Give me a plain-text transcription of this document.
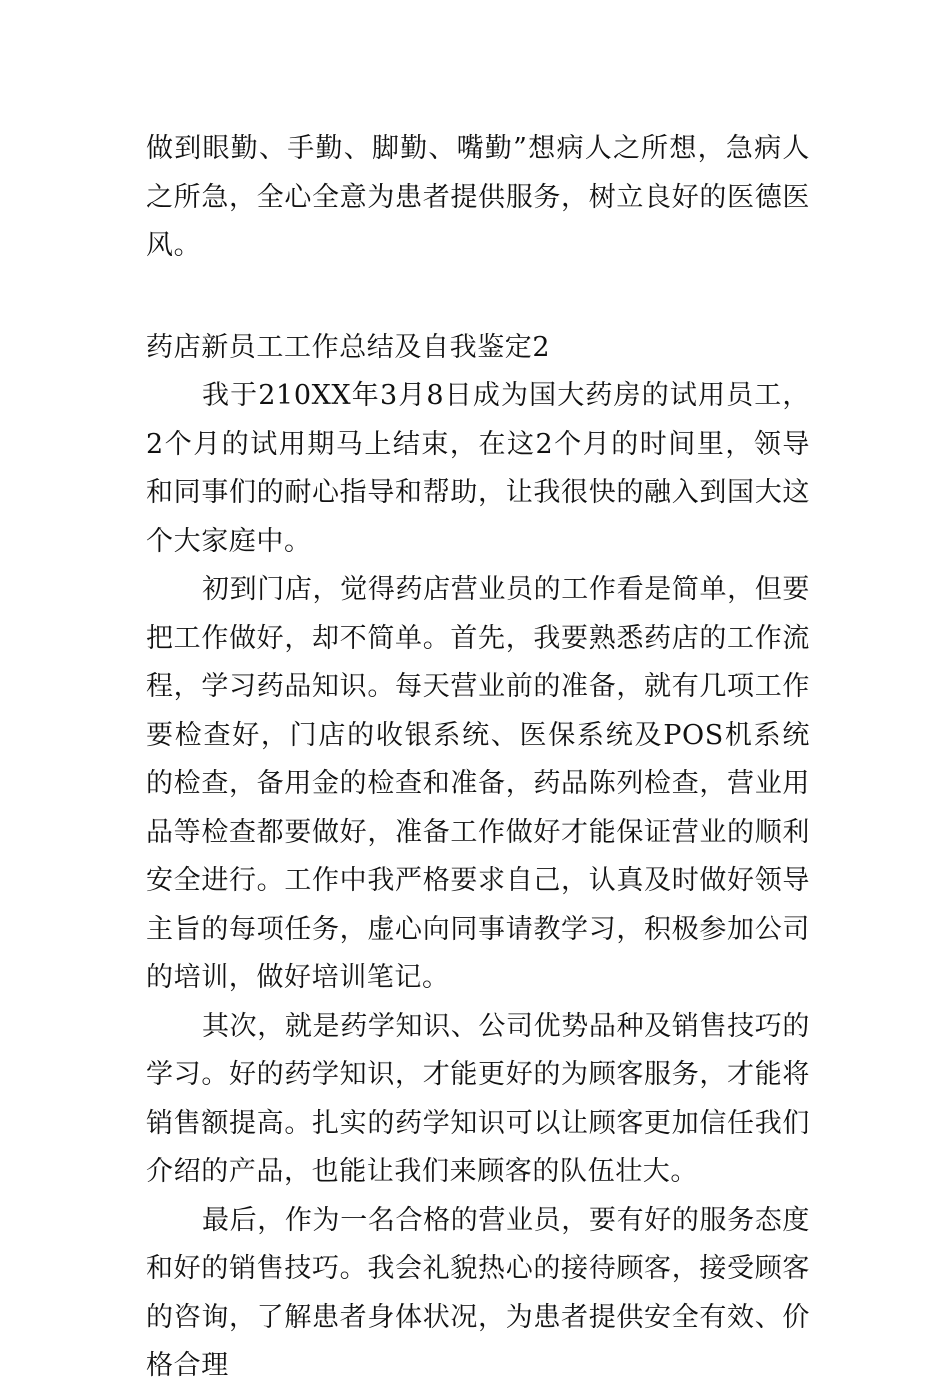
做到眼勤、手勤、脚勤、嘴勤”想病人之所想，急病人之所急，全心全意为患者提供服务，树立良好的医德医风。

药店新员工工作总结及自我鉴定2

我于210XX年3月8日成为国大药房的试用员工，2个月的试用期马上结束，在这2个月的时间里，领导和同事们的耐心指导和帮助，让我很快的融入到国大这个大家庭中。

初到门店，觉得药店营业员的工作看是简单，但要把工作做好，却不简单。首先，我要熟悉药店的工作流程，学习药品知识。每天营业前的准备，就有几项工作要检查好，门店的收银系统、医保系统及POS机系统的检查，备用金的检查和准备，药品陈列检查，营业用品等检查都要做好，准备工作做好才能保证营业的顺利安全进行。工作中我严格要求自己，认真及时做好领导主旨的每项任务，虚心向同事请教学习，积极参加公司的培训，做好培训笔记。

其次，就是药学知识、公司优势品种及销售技巧的学习。好的药学知识，才能更好的为顾客服务，才能将销售额提高。扎实的药学知识可以让顾客更加信任我们介绍的产品，也能让我们来顾客的队伍壮大。

最后，作为一名合格的营业员，要有好的服务态度和好的销售技巧。我会礼貌热心的接待顾客，接受顾客的咨询，了解患者身体状况，为患者提供安全有效、价格合理
